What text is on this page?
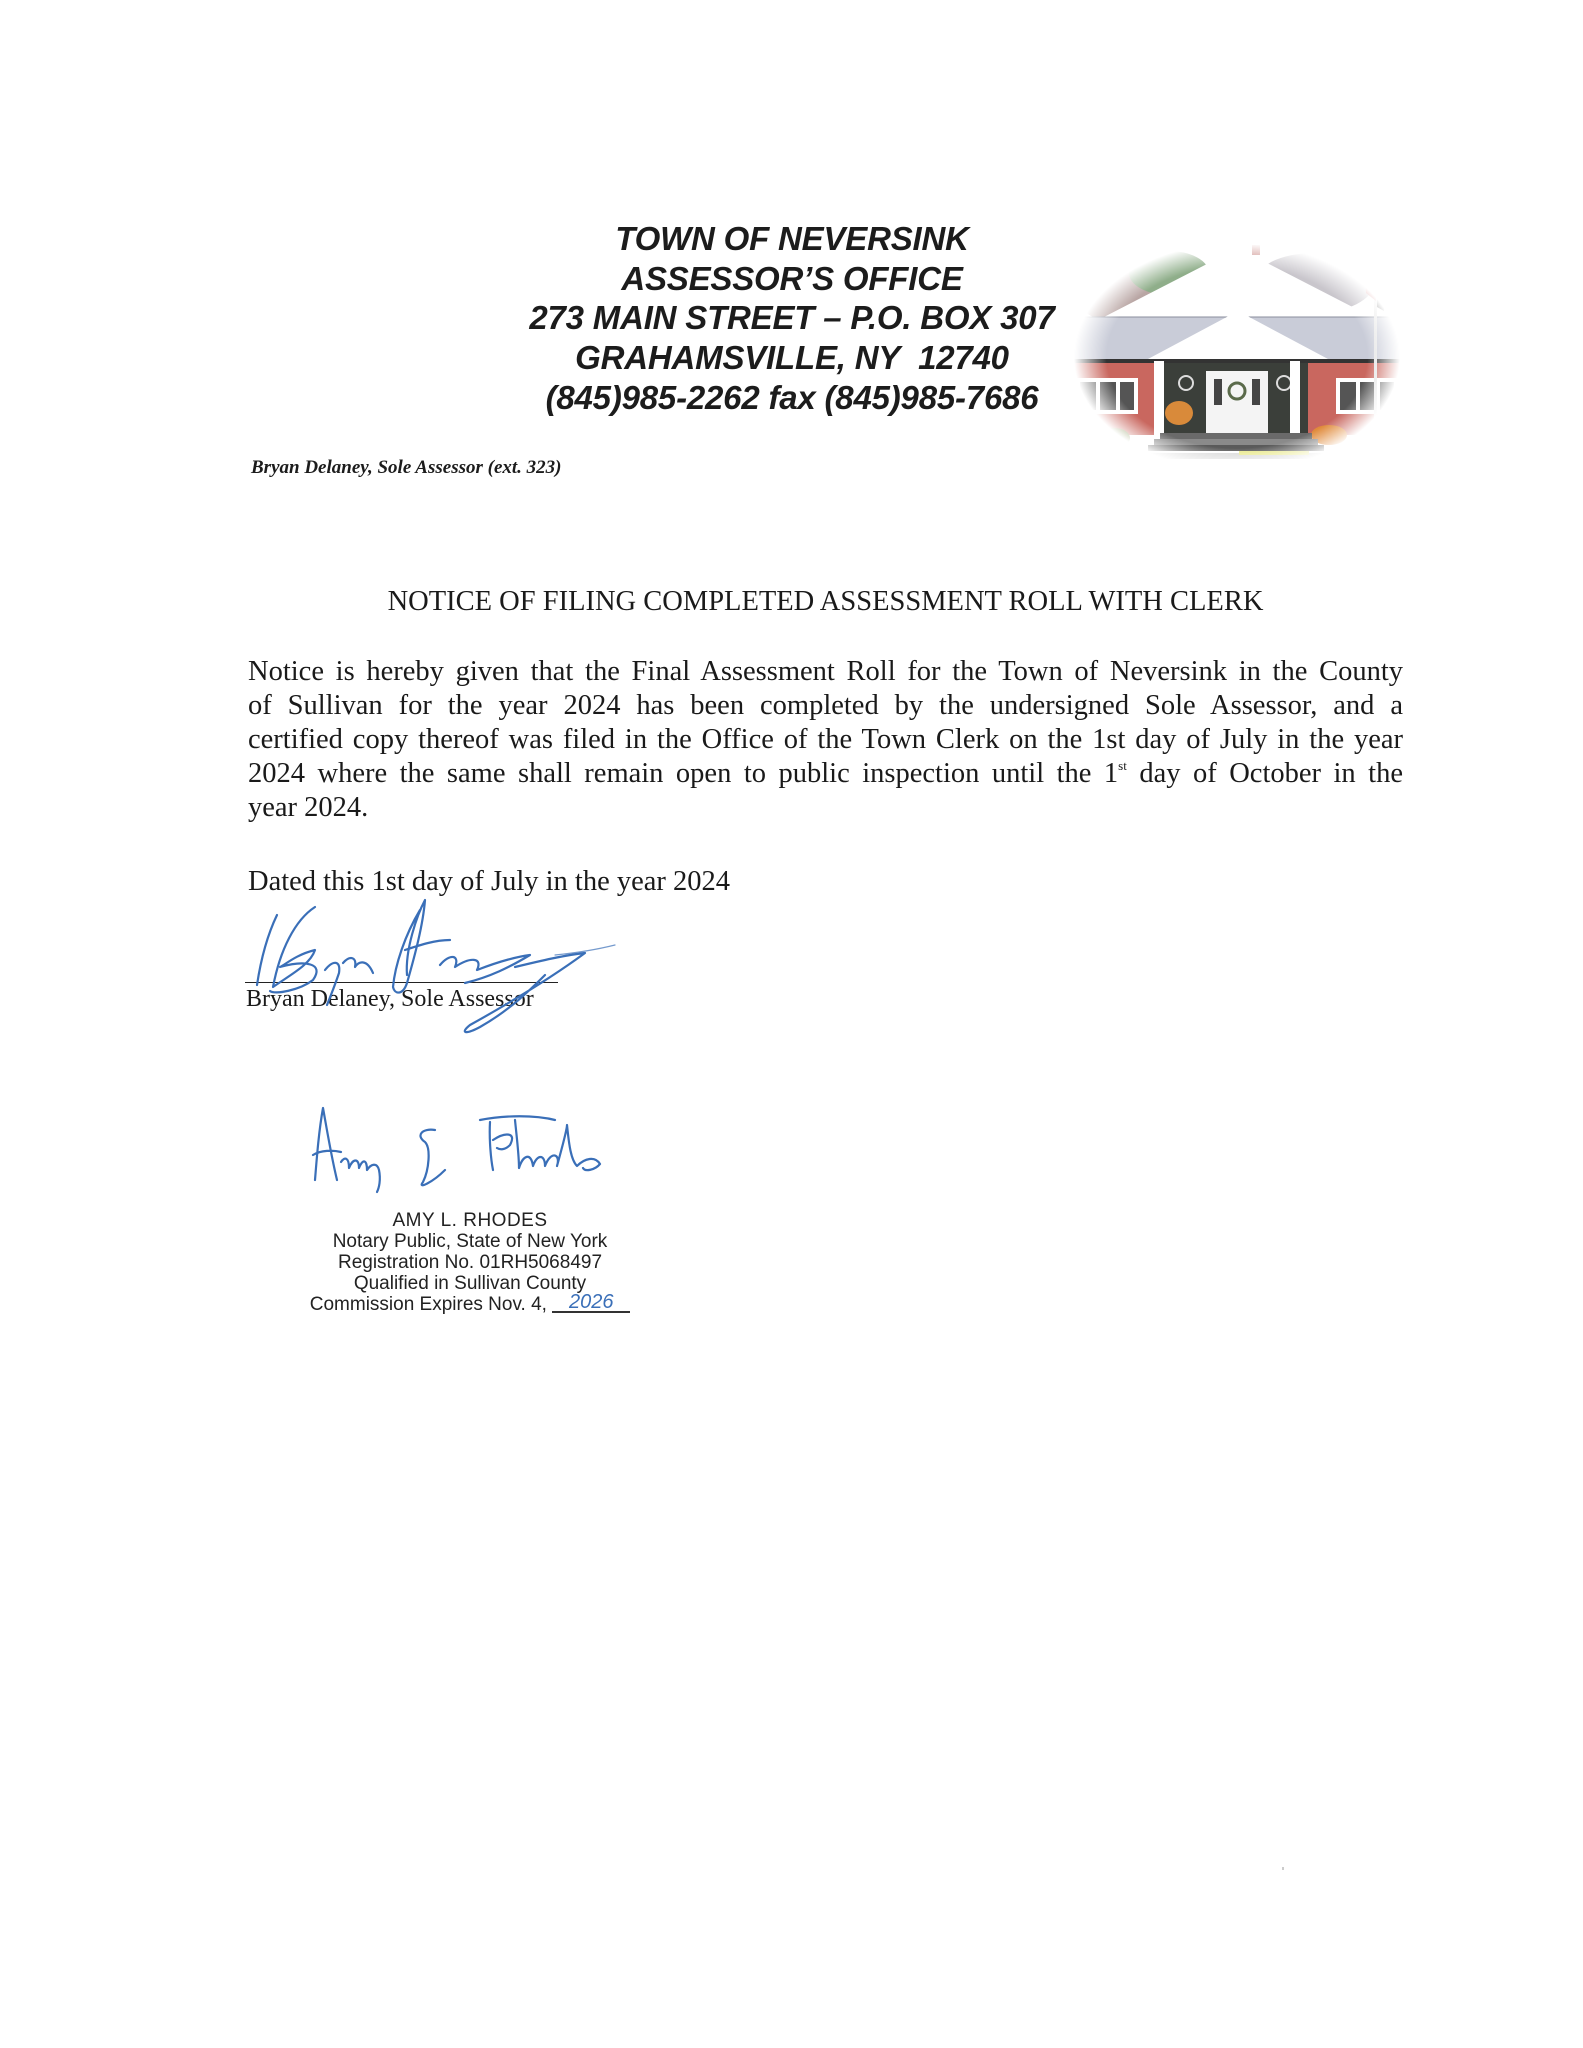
TOWN OF NEVERSINK
ASSESSOR’S OFFICE
273 MAIN STREET – P.O. BOX 307
GRAHAMSVILLE, NY  12740
(845)985-2262 fax (845)985-7686
Bryan Delaney, Sole Assessor (ext. 323)
NOTICE OF FILING COMPLETED ASSESSMENT ROLL WITH CLERK
Notice is hereby given that the Final Assessment Roll for the Town of Neversink in the County
of Sullivan for the year 2024 has been completed by the undersigned Sole Assessor, and a
certified copy thereof was filed in the Office of the Town Clerk on the 1st day of July in the year
2024 where the same shall remain open to public inspection until the 1st day of October in the
year 2024.
Dated this 1st day of July in the year 2024
Bryan Delaney, Sole Assessor
AMY L. RHODES
Notary Public, State of New York
Registration No. 01RH5068497
Qualified in Sullivan County
Commission Expires Nov. 4, 2026
